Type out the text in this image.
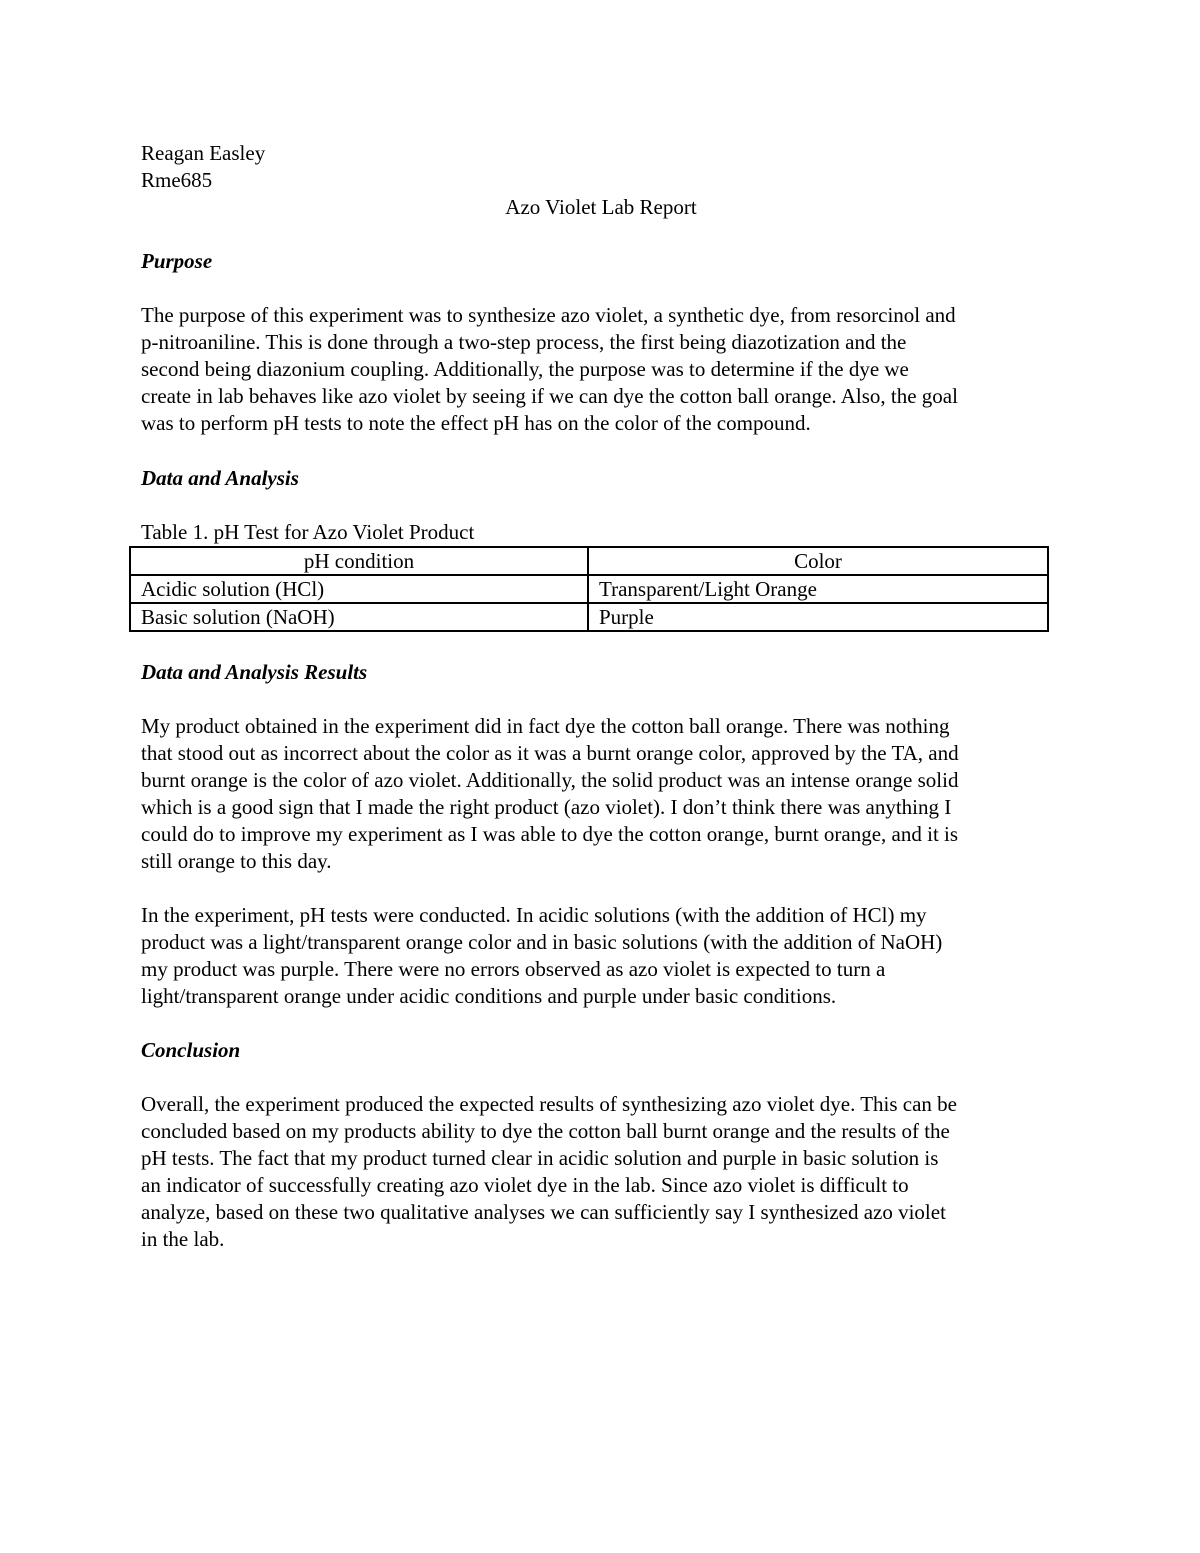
Reagan Easley

Rme685

Azo Violet Lab Report

Purpose

The purpose of this experiment was to synthesize azo violet, a synthetic dye, from resorcinol and
p-nitroaniline. This is done through a two-step process, the first being diazotization and the
second being diazonium coupling. Additionally, the purpose was to determine if the dye we
create in lab behaves like azo violet by seeing if we can dye the cotton ball orange. Also, the goal
was to perform pH tests to note the effect pH has on the color of the compound.

Data and Analysis

Table 1. pH Test for Azo Violet Product

pH condition	Color
Acidic solution (HCl)	Transparent/Light Orange
Basic solution (NaOH)	Purple

Data and Analysis Results

My product obtained in the experiment did in fact dye the cotton ball orange. There was nothing
that stood out as incorrect about the color as it was a burnt orange color, approved by the TA, and
burnt orange is the color of azo violet. Additionally, the solid product was an intense orange solid
which is a good sign that I made the right product (azo violet). I don’t think there was anything I
could do to improve my experiment as I was able to dye the cotton orange, burnt orange, and it is
still orange to this day.
In the experiment, pH tests were conducted. In acidic solutions (with the addition of HCl) my
product was a light/transparent orange color and in basic solutions (with the addition of NaOH)
my product was purple. There were no errors observed as azo violet is expected to turn a
light/transparent orange under acidic conditions and purple under basic conditions.

Conclusion

Overall, the experiment produced the expected results of synthesizing azo violet dye. This can be
concluded based on my products ability to dye the cotton ball burnt orange and the results of the
pH tests. The fact that my product turned clear in acidic solution and purple in basic solution is
an indicator of successfully creating azo violet dye in the lab. Since azo violet is difficult to
analyze, based on these two qualitative analyses we can sufficiently say I synthesized azo violet
in the lab.
